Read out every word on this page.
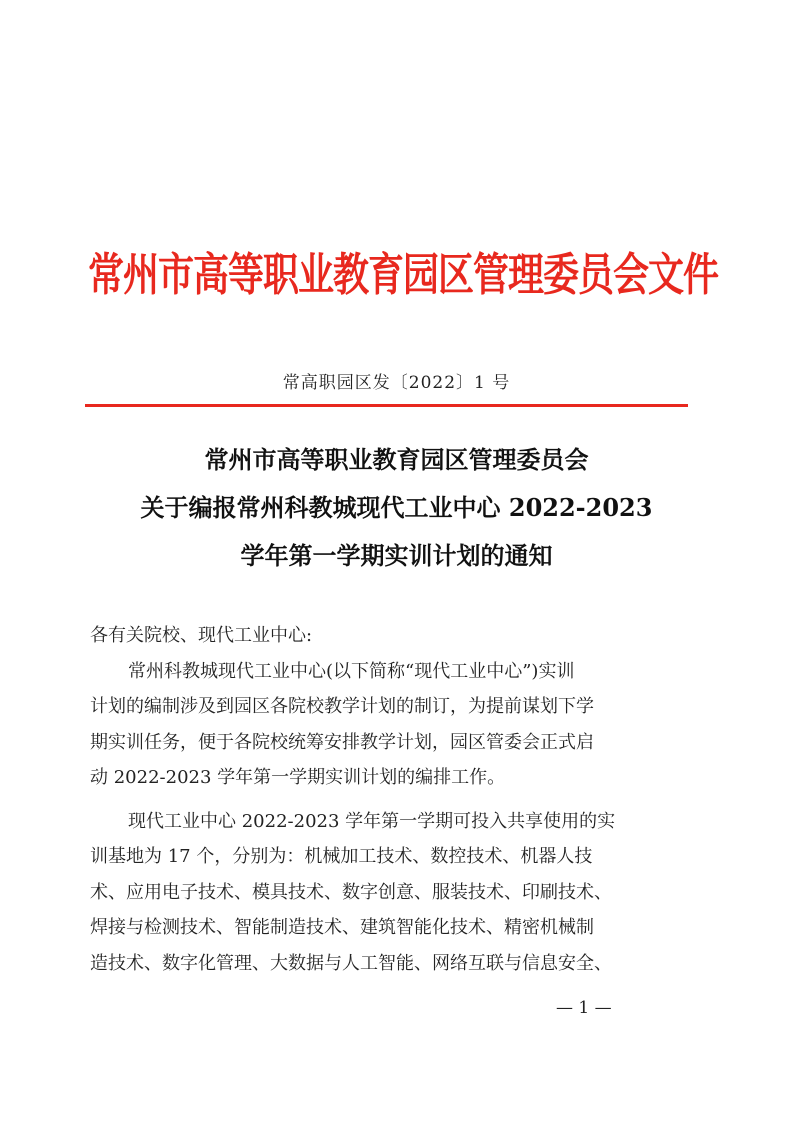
常州市高等职业教育园区管理委员会文件
常高职园区发〔2022〕1 号
常州市高等职业教育园区管理委员会
关于编报常州科教城现代工业中心 2022-2023
学年第一学期实训计划的通知
各有关院校、现代工业中心:
常州科教城现代工业中心(以下简称“现代工业中心”)实训
计划的编制涉及到园区各院校教学计划的制订，为提前谋划下学
期实训任务，便于各院校统筹安排教学计划，园区管委会正式启
动 2022-2023 学年第一学期实训计划的编排工作。
现代工业中心 2022-2023 学年第一学期可投入共享使用的实
训基地为 17 个，分别为：机械加工技术、数控技术、机器人技
术、应用电子技术、模具技术、数字创意、服装技术、印刷技术、
焊接与检测技术、智能制造技术、建筑智能化技术、精密机械制
造技术、数字化管理、大数据与人工智能、网络互联与信息安全、
— 1 —
